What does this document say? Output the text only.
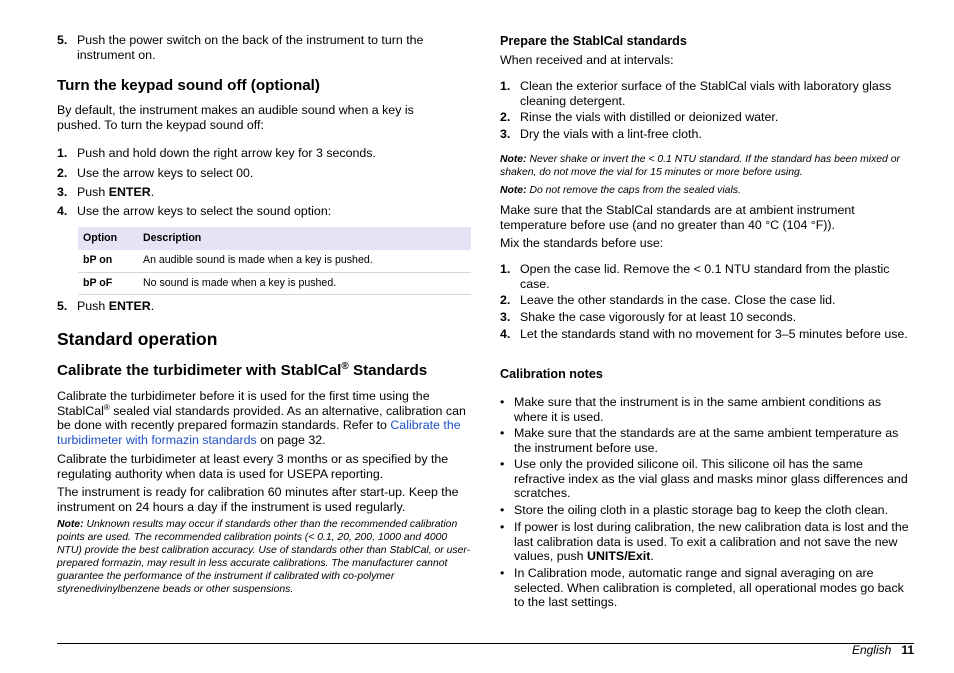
5. Push the power switch on the back of the instrument to turn the instrument on.
Turn the keypad sound off (optional)

By default, the instrument makes an audible sound when a key is pushed. To turn the keypad sound off:

1. Push and hold down the right arrow key for 3 seconds.
2. Use the arrow keys to select 00.
3. Push ENTER.
4. Use the arrow keys to select the sound option:
Option	Description
bP on	An audible sound is made when a key is pushed.
bP oF	No sound is made when a key is pushed.
5. Push ENTER.
Standard operation
Calibrate the turbidimeter with StablCal® Standards

Calibrate the turbidimeter before it is used for the first time using the
StablCal® sealed vial standards provided. As an alternative, calibration can be done with recently prepared formazin standards. Refer to Calibrate the turbidimeter with formazin standards on page 32.

Calibrate the turbidimeter at least every 3 months or as specified by the regulating authority when data is used for USEPA reporting.

The instrument is ready for calibration 60 minutes after start-up. Keep the instrument on 24 hours a day if the instrument is used regularly.

Note: Unknown results may occur if standards other than the recommended calibration points are used. The recommended calibration points (< 0.1, 20, 200, 1000 and 4000 NTU) provide the best calibration accuracy. Use of standards other than StablCal, or user-prepared formazin, may result in less accurate calibrations. The manufacturer cannot guarantee the performance of the instrument if calibrated with co-polymer styrenedivinylbenzene beads or other suspensions.

Prepare the StablCal standards

When received and at intervals:

1. Clean the exterior surface of the StablCal vials with laboratory glass cleaning detergent.
2. Rinse the vials with distilled or deionized water.
3. Dry the vials with a lint-free cloth.

Note: Never shake or invert the < 0.1 NTU standard. If the standard has been mixed or shaken, do not move the vial for 15 minutes or more before using.

Note: Do not remove the caps from the sealed vials.

Make sure that the StablCal standards are at ambient instrument temperature before use (and no greater than 40 °C (104 °F)).

Mix the standards before use:

1. Open the case lid. Remove the < 0.1 NTU standard from the plastic case.
2. Leave the other standards in the case. Close the case lid.
3. Shake the case vigorously for at least 10 seconds.
4. Let the standards stand with no movement for 3–5 minutes before use.
Calibration notes
• Make sure that the instrument is in the same ambient conditions as where it is used.
• Make sure that the standards are at the same ambient temperature as the instrument before use.
• Use only the provided silicone oil. This silicone oil has the same refractive index as the vial glass and masks minor glass differences and scratches.
• Store the oiling cloth in a plastic storage bag to keep the cloth clean.
• If power is lost during calibration, the new calibration data is lost and the last calibration data is used. To exit a calibration and not save the new values, push UNITS/Exit.
• In Calibration mode, automatic range and signal averaging on are selected. When calibration is completed, all operational modes go back to the last settings.
English 11
